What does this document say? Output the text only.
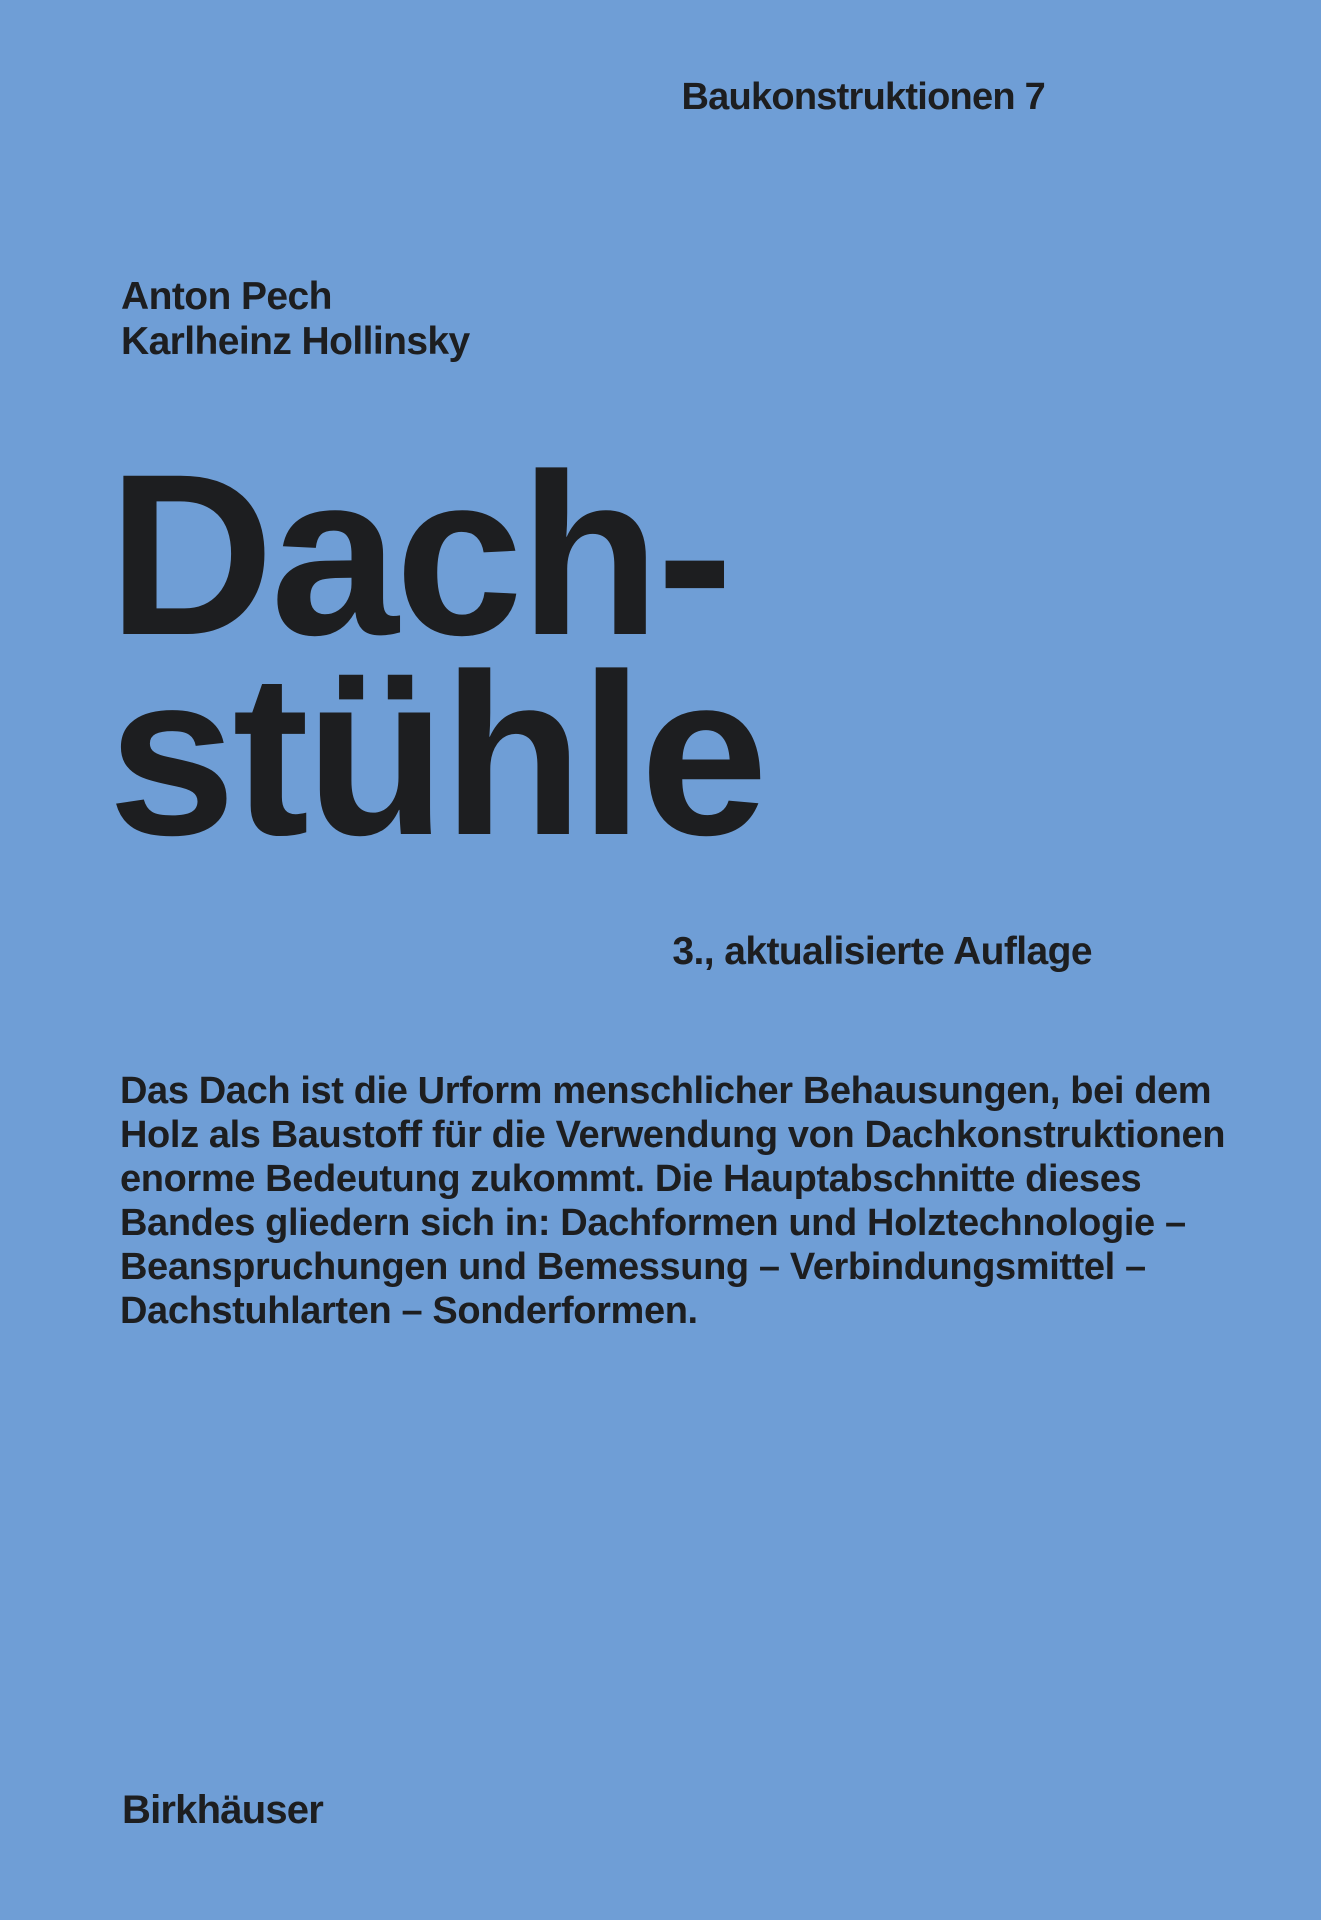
Baukonstruktionen 7
Anton Pech
Karlheinz Hollinsky
Dach-
stühle
3., aktualisierte Auflage
Das Dach ist die Urform menschlicher Behausungen, bei dem
Holz als Baustoff für die Verwendung von Dachkonstruktionen
enorme Bedeutung zukommt. Die Hauptabschnitte dieses
Bandes gliedern sich in: Dachformen und Holztechnologie –
Beanspruchungen und Bemessung – Verbindungsmittel –
Dachstuhlarten – Sonderformen.
Birkhäuser
